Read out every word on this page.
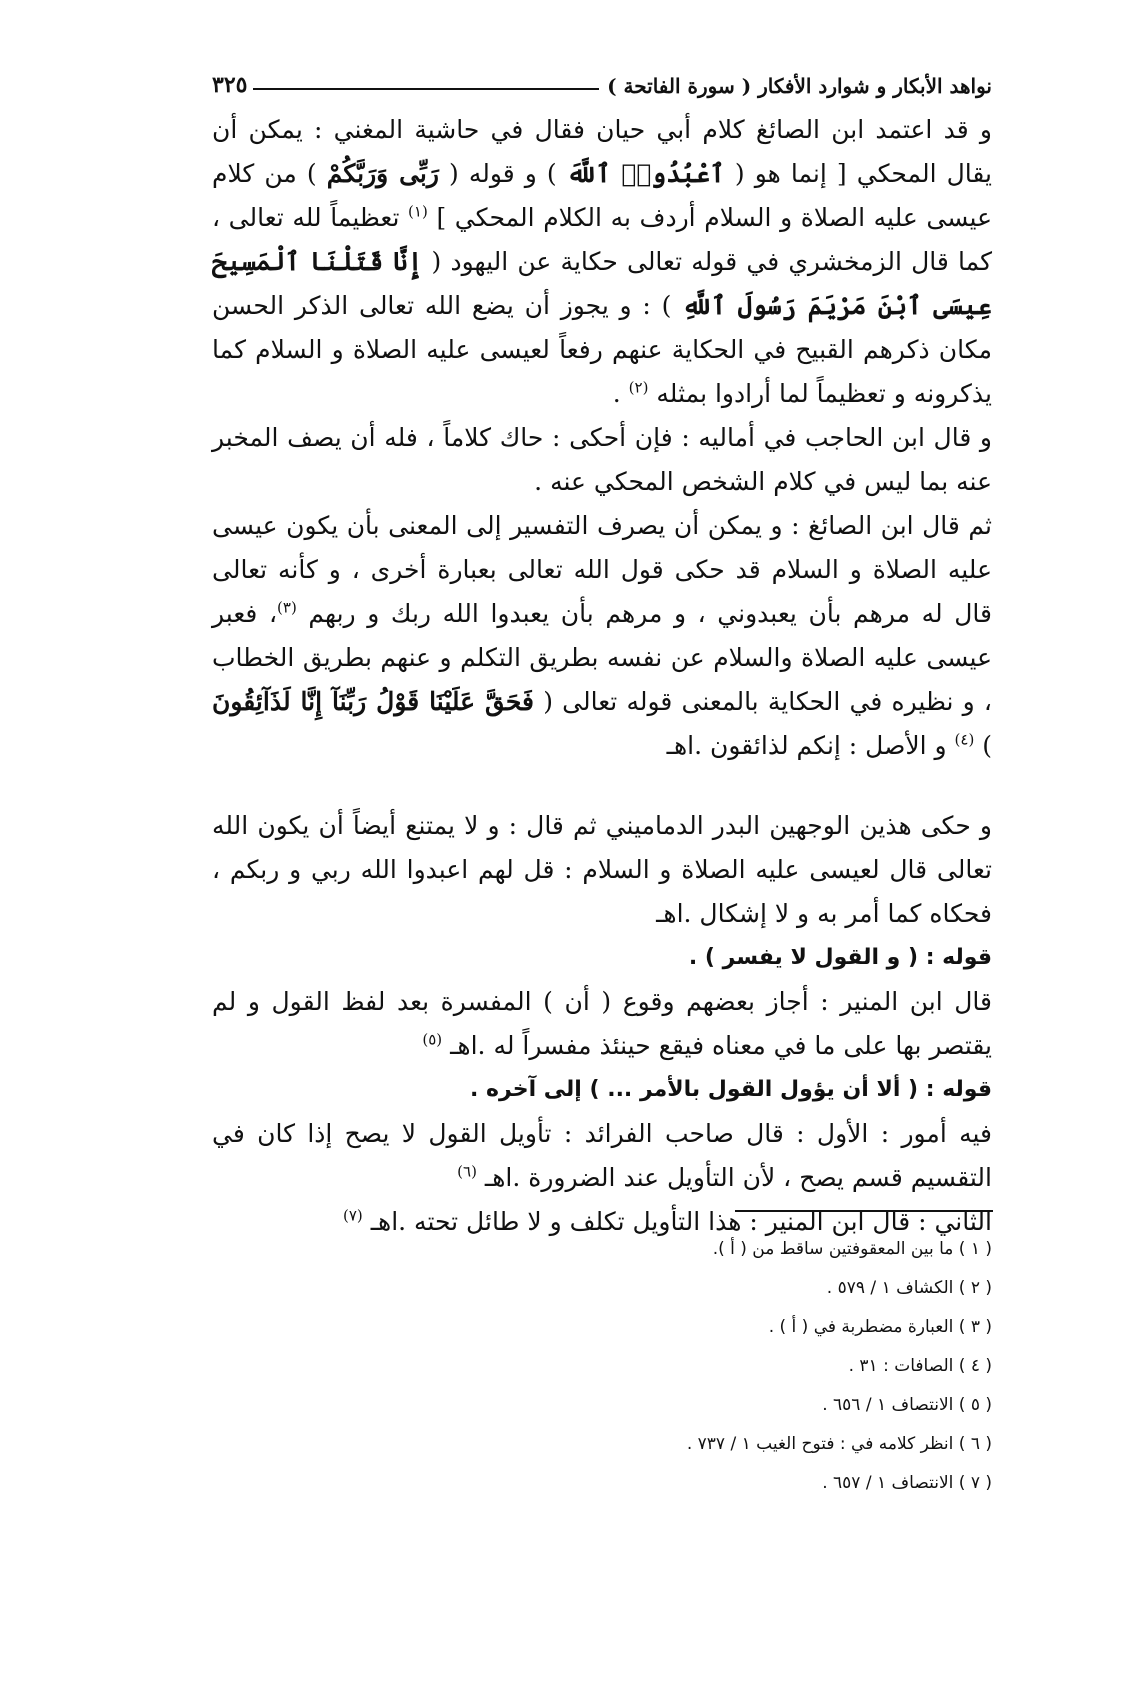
نواهد الأبكار و شوارد الأفكار ( سورة الفاتحة )
٣٢٥

و قد اعتمد ابن الصائغ كلام أبي حيان فقال في حاشية المغني : يمكن أن يقال المحكي [ إنما هو ( ٱعْبُدُوا۟ ٱللَّهَ ) و قوله ( رَبِّى وَرَبَّكُمْ ) من كلام عيسى عليه الصلاة و السلام أردف به الكلام المحكي ] $^{(١)}$ تعظيماً لله تعالى ، كما قال الزمخشري في قوله تعالى حكاية عن اليهود ( إِنَّا قَتَلْنَا ٱلْمَسِيحَ عِيسَى ٱبْنَ مَرْيَمَ رَسُولَ ٱللَّهِ ) : و يجوز أن يضع الله تعالى الذكر الحسن مكان ذكرهم القبيح في الحكاية عنهم رفعاً لعيسى عليه الصلاة و السلام كما يذكرونه و تعظيماً لما أرادوا بمثله $^{(٢)}$ .

و قال ابن الحاجب في أماليه : فإن أحكى : حاك كلاماً ، فله أن يصف المخبر عنه بما ليس في كلام الشخص المحكي عنه .

ثم قال ابن الصائغ : و يمكن أن يصرف التفسير إلى المعنى بأن يكون عيسى عليه الصلاة و السلام قد حكى قول الله تعالى بعبارة أخرى ، و كأنه تعالى قال له مرهم بأن يعبدوني ، و مرهم بأن يعبدوا الله ربك و ربهم $^{(٣)}$، فعبر عيسى عليه الصلاة والسلام عن نفسه بطريق التكلم و عنهم بطريق الخطاب ، و نظيره في الحكاية بالمعنى قوله تعالى ( فَحَقَّ عَلَيْنَا قَوْلُ رَبِّنَآ إِنَّا لَذَآئِقُونَ ) $^{(٤)}$ و الأصل : إنكم لذائقون .اهـ

و حكى هذين الوجهين البدر الدماميني ثم قال : و لا يمتنع أيضاً أن يكون الله تعالى قال لعيسى عليه الصلاة و السلام : قل لهم اعبدوا الله ربي و ربكم ، فحكاه كما أمر به و لا إشكال .اهـ

قوله : ( و القول لا يفسر ) .

قال ابن المنير : أجاز بعضهم وقوع ( أن ) المفسرة بعد لفظ القول و لم يقتصر بها على ما في معناه فيقع حينئذ مفسراً له .اهـ $^{(٥)}$

قوله : ( ألا أن يؤول القول بالأمر ... ) إلى آخره .

فيه أمور : الأول : قال صاحب الفرائد : تأويل القول لا يصح إذا كان في التقسيم قسم يصح ، لأن التأويل عند الضرورة .اهـ $^{(٦)}$

الثاني : قال ابن المنير : هذا التأويل تكلف و لا طائل تحته .اهـ $^{(٧)}$

( ١ ) ما بين المعقوفتين ساقط من ( أ ).
( ٢ ) الكشاف ١ / ٥٧٩ .
( ٣ ) العبارة مضطربة في ( أ ) .
( ٤ ) الصافات : ٣١ .
( ٥ ) الانتصاف ١ / ٦٥٦ .
( ٦ ) انظر كلامه في : فتوح الغيب ١ / ٧٣٧ .
( ٧ ) الانتصاف ١ / ٦٥٧ .
